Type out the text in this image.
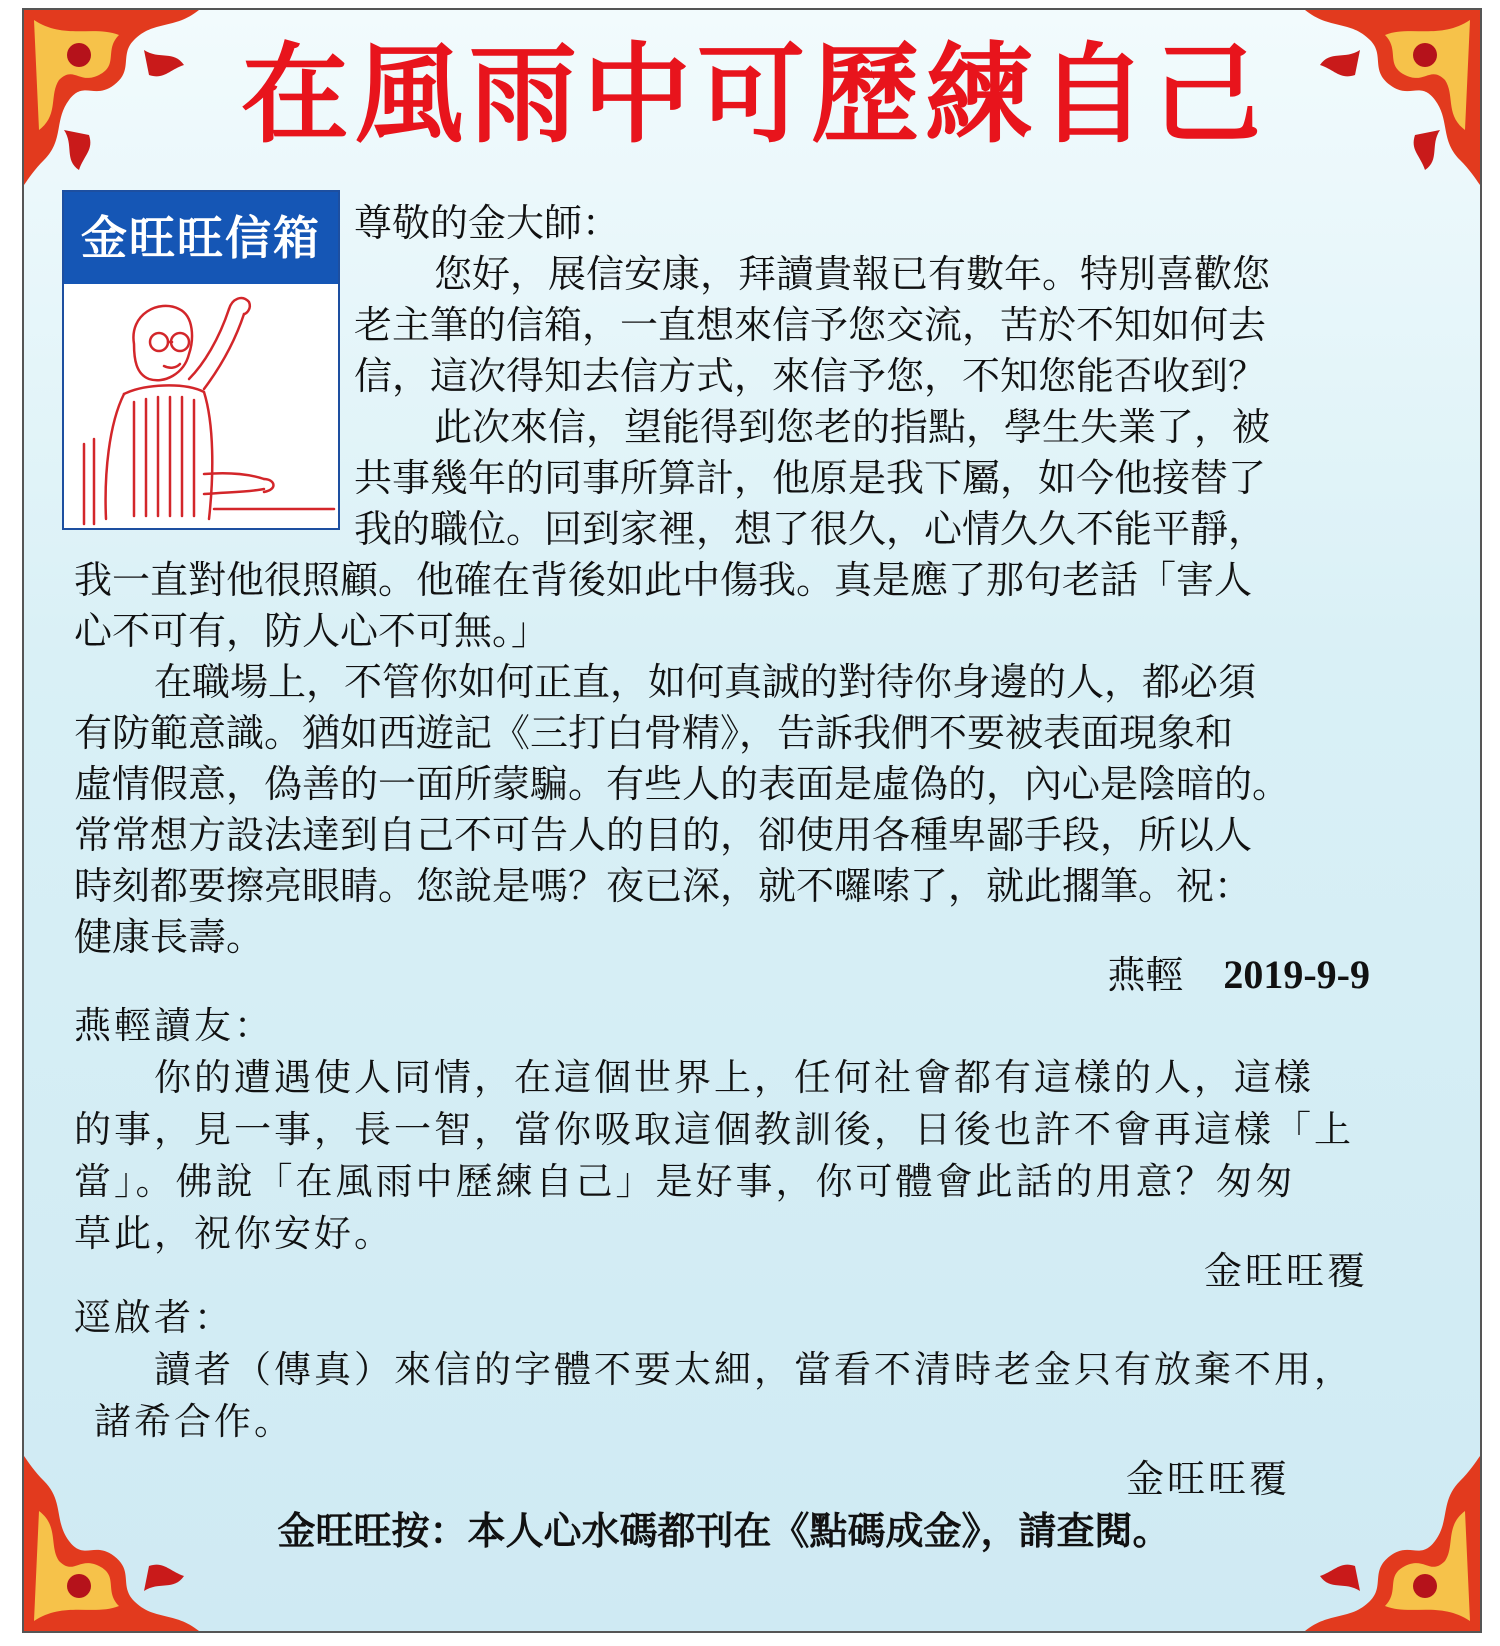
在風雨中可歷練自己
金旺旺信箱 尊敬的金大師：

您好，展信安康，拜讀貴報已有數年。特別喜歡您

老主筆的信箱，一直想來信予您交流，苦於不知如何去

信，這次得知去信方式，來信予您，不知您能否收到？

此次來信，望能得到您老的指點，學生失業了，被

共事幾年的同事所算計，他原是我下屬，如今他接替了

我的職位。回到家裡，想了很久，心情久久不能平靜，

我一直對他很照顧。他確在背後如此中傷我。真是應了那句老話「害人

心不可有，防人心不可無。」

在職場上，不管你如何正直，如何真誠的對待你身邊的人，都必須

有防範意識。猶如西遊記《三打白骨精》，告訴我們不要被表面現象和

虛情假意，偽善的一面所蒙騙。有些人的表面是虛偽的，內心是陰暗的。

常常想方設法達到自己不可告人的目的，卻使用各種卑鄙手段，所以人

時刻都要擦亮眼睛。您說是嗎？夜已深，就不囉嗦了，就此擱筆。祝：

健康長壽。

燕輕 2019-9-9

燕輕讀友：

你的遭遇使人同情，在這個世界上，任何社會都有這樣的人，這樣

的事，見一事，長一智，當你吸取這個教訓後，日後也許不會再這樣「上

當」。佛說「在風雨中歷練自己」是好事，你可體會此話的用意？匆匆

草此，祝你安好。

金旺旺覆

逕啟者：

讀者（傳真）來信的字體不要太細，當看不清時老金只有放棄不用，

諸希合作。

金旺旺覆
金旺旺按：本人心水碼都刊在《點碼成金》，請查閱。
